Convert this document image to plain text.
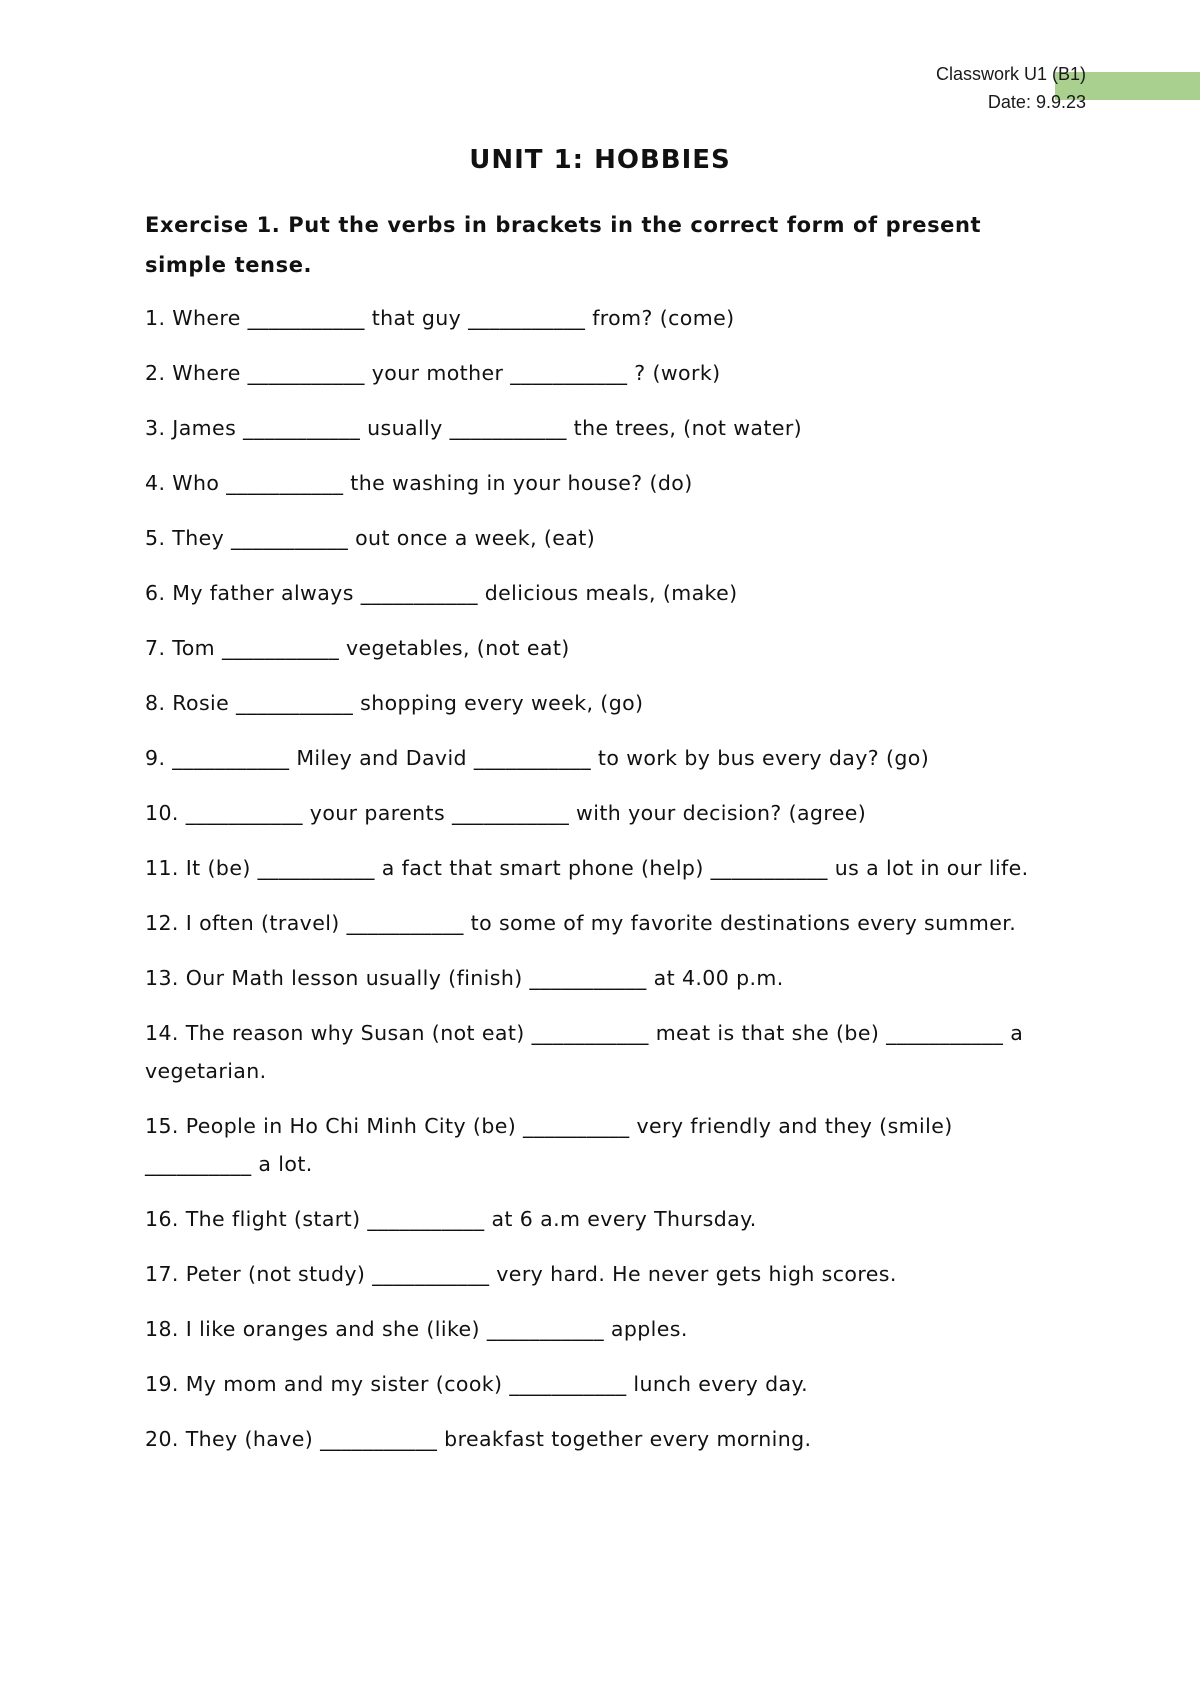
Classwork U1 (B1)
Date: 9.9.23
UNIT 1: HOBBIES

Exercise 1. Put the verbs in brackets in the correct form of present simple tense.

1. Where ___________ that guy ___________ from? (come)
2. Where ___________ your mother ___________ ? (work)
3. James ___________ usually ___________ the trees, (not water)
4. Who ___________ the washing in your house? (do)
5. They ___________ out once a week, (eat)
6. My father always ___________ delicious meals, (make)
7. Tom ___________ vegetables, (not eat)
8. Rosie ___________ shopping every week, (go)
9. ___________ Miley and David ___________ to work by bus every day? (go)
10. ___________ your parents ___________ with your decision? (agree)
11. It (be) ___________ a fact that smart phone (help) ___________ us a lot in our life.
12. I often (travel) ___________ to some of my favorite destinations every summer.
13. Our Math lesson usually (finish) ___________ at 4.00 p.m.
14. The reason why Susan (not eat) ___________ meat is that she (be) ___________ a vegetarian.
15. People in Ho Chi Minh City (be) __________ very friendly and they (smile) __________ a lot.
16. The flight (start) ___________ at 6 a.m every Thursday.
17. Peter (not study) ___________ very hard. He never gets high scores.
18. I like oranges and she (like) ___________ apples.
19. My mom and my sister (cook) ___________ lunch every day.
20. They (have) ___________ breakfast together every morning.
